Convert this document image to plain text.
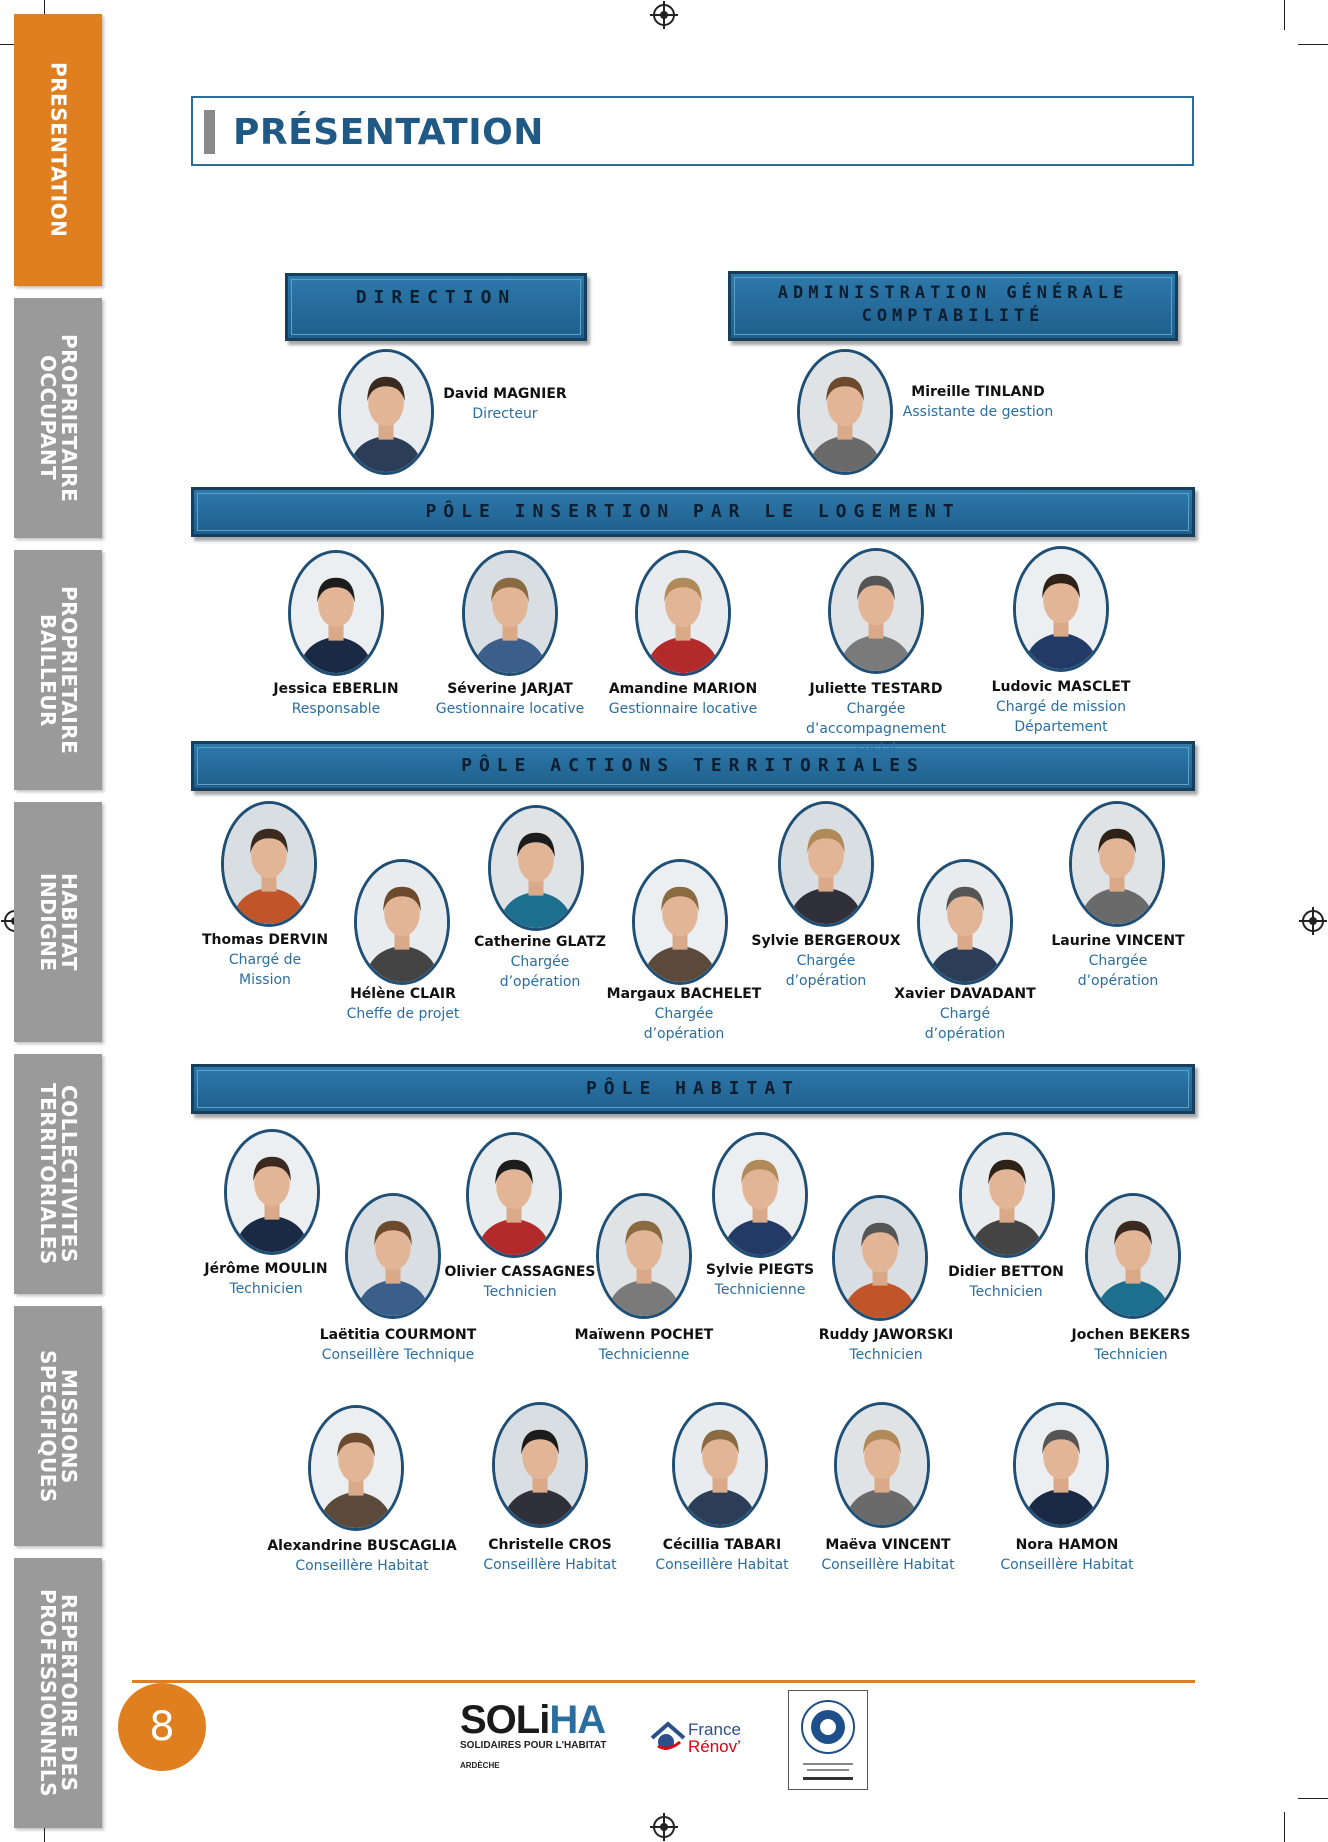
PRESENTATION
PROPRIETAIRE
OCCUPANT
PROPRIETAIRE
BAILLEUR
HABITAT
INDIGNE
COLLECTIVITES
TERRITORIALES
MISSIONS
SPECIFIQUES
REPERTOIRE DES
PROFESSIONNELS
PRÉSENTATION
DIRECTION	ADMINISTRATION GÉNÉRALE
COMPTABILITÉ
PÔLE INSERTION PAR LE LOGEMENT
PÔLE ACTIONS TERRITORIALES
PÔLE HABITAT
David MAGNIER
Directeur
Mireille TINLAND
Assistante de gestion
Jessica EBERLIN
Responsable
Séverine JARJAT
Gestionnaire locative
Amandine MARION
Gestionnaire locative
Juliette TESTARD
Chargée d’accompagnement
social
Ludovic MASCLET
Chargé de mission
Département
Thomas DERVIN
Chargé de
Mission
Hélène CLAIR
Cheffe de projet
Catherine GLATZ
Chargée
d’opération
Margaux BACHELET
Chargée
d’opération
Sylvie BERGEROUX
Chargée
d’opération
Xavier DAVADANT
Chargé
d’opération
Laurine VINCENT
Chargée
d’opération
Jérôme MOULIN
Technicien
Laëtitia COURMONT
Conseillère Technique
Olivier CASSAGNES
Technicien
Maïwenn POCHET
Technicienne
Sylvie PIEGTS
Technicienne
Ruddy JAWORSKI
Technicien
Didier BETTON
Technicien
Jochen BEKERS
Technicien
Alexandrine BUSCAGLIA
Conseillère Habitat
Christelle CROS
Conseillère Habitat
Cécillia TABARI
Conseillère Habitat
Maëva VINCENT
Conseillère Habitat
Nora HAMON
Conseillère Habitat
8	SOLiHA
SOLIDAIRES POUR L'HABITAT
ARDÈCHE
France
Rénov’
